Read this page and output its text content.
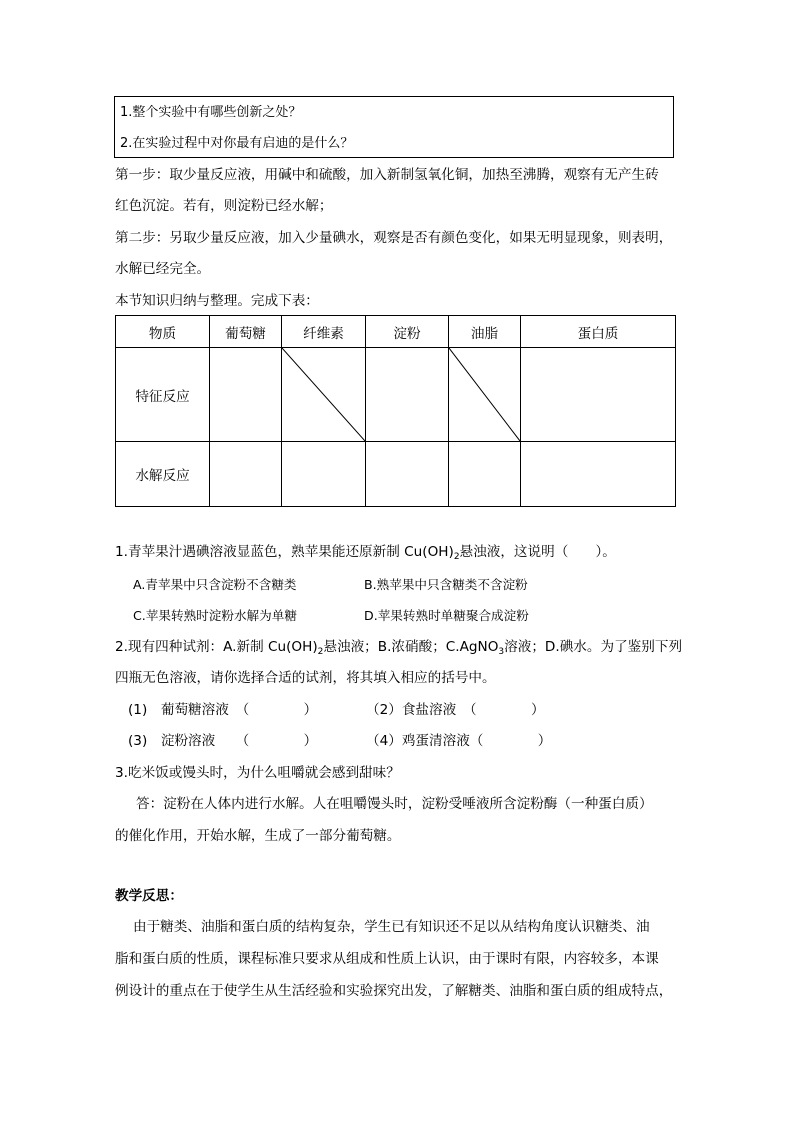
1.整个实验中有哪些创新之处？
2.在实验过程中对你最有启迪的是什么？
第一步：取少量反应液，用碱中和硫酸，加入新制氢氧化铜，加热至沸腾，观察有无产生砖
红色沉淀。若有，则淀粉已经水解；
第二步：另取少量反应液，加入少量碘水，观察是否有颜色变化，如果无明显现象，则表明，
水解已经完全。
本节知识归纳与整理。完成下表：
物质	葡萄糖	纤维素	淀粉	油脂	蛋白质
特征反应		

水解反应					
1.青苹果汁遇碘溶液显蓝色，熟苹果能还原新制 $Cu(OH)_2$悬浊液，这说明（　　）。
A.青苹果中只含淀粉不含糖类	B.熟苹果中只含糖类不含淀粉
C.苹果转熟时淀粉水解为单糖	D.苹果转熟时单糖聚合成淀粉
2.现有四种试剂：A.新制 $Cu(OH)_2$悬浊液；B.浓硝酸；C.AgNO$_3$溶液；D.碘水。为了鉴别下列
四瓶无色溶液，请你选择合适的试剂，将其填入相应的括号中。
(1)　葡萄糖溶液　（　　　　）	（2）食盐溶液　（　　　　）
(3)　淀粉溶液　　（　　　　）	（4）鸡蛋清溶液（　　　　）
3.吃米饭或馒头时，为什么咀嚼就会感到甜味？
答：淀粉在人体内进行水解。人在咀嚼馒头时，淀粉受唾液所含淀粉酶（一种蛋白质）
的催化作用，开始水解，生成了一部分葡萄糖。
教学反思：
由于糖类、油脂和蛋白质的结构复杂，学生已有知识还不足以从结构角度认识糖类、油
脂和蛋白质的性质，课程标准只要求从组成和性质上认识，由于课时有限，内容较多，本课
例设计的重点在于使学生从生活经验和实验探究出发，了解糖类、油脂和蛋白质的组成特点，
